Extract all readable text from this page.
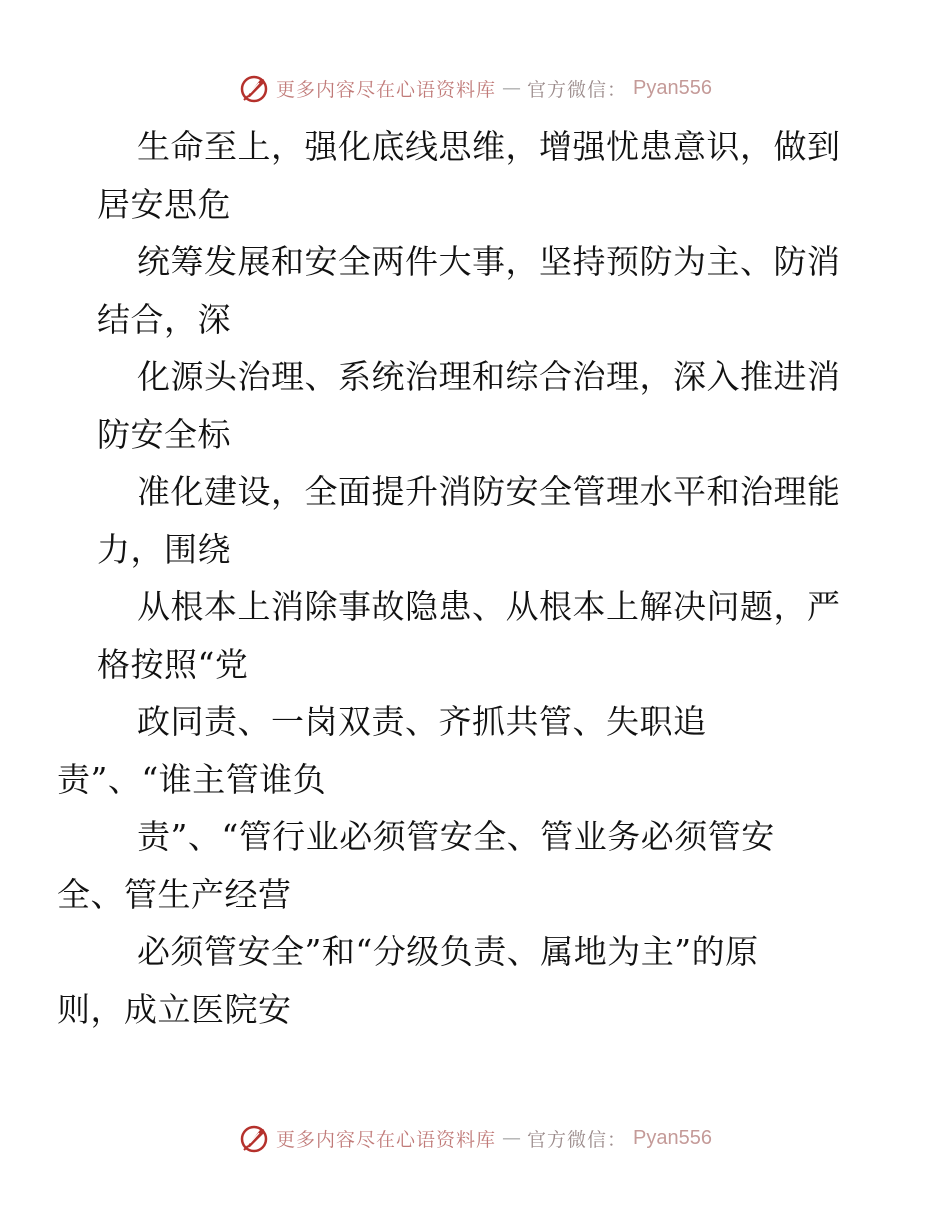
更多内容尽在心语资料库 — 官方微信： Pyan556

生命至上，强化底线思维，增强忧患意识，做到居安思危

统筹发展和安全两件大事，坚持预防为主、防消结合，深

化源头治理、系统治理和综合治理，深入推进消防安全标

准化建设，全面提升消防安全管理水平和治理能力，围绕

从根本上消除事故隐患、从根本上解决问题，严格按照“党

政同责、一岗双责、齐抓共管、失职追
责”、“谁主管谁负

责”、“管行业必须管安全、管业务必须管安
全、管生产经营

必须管安全”和“分级负责、属地为主”的原
则，成立医院安

更多内容尽在心语资料库 — 官方微信： Pyan556
